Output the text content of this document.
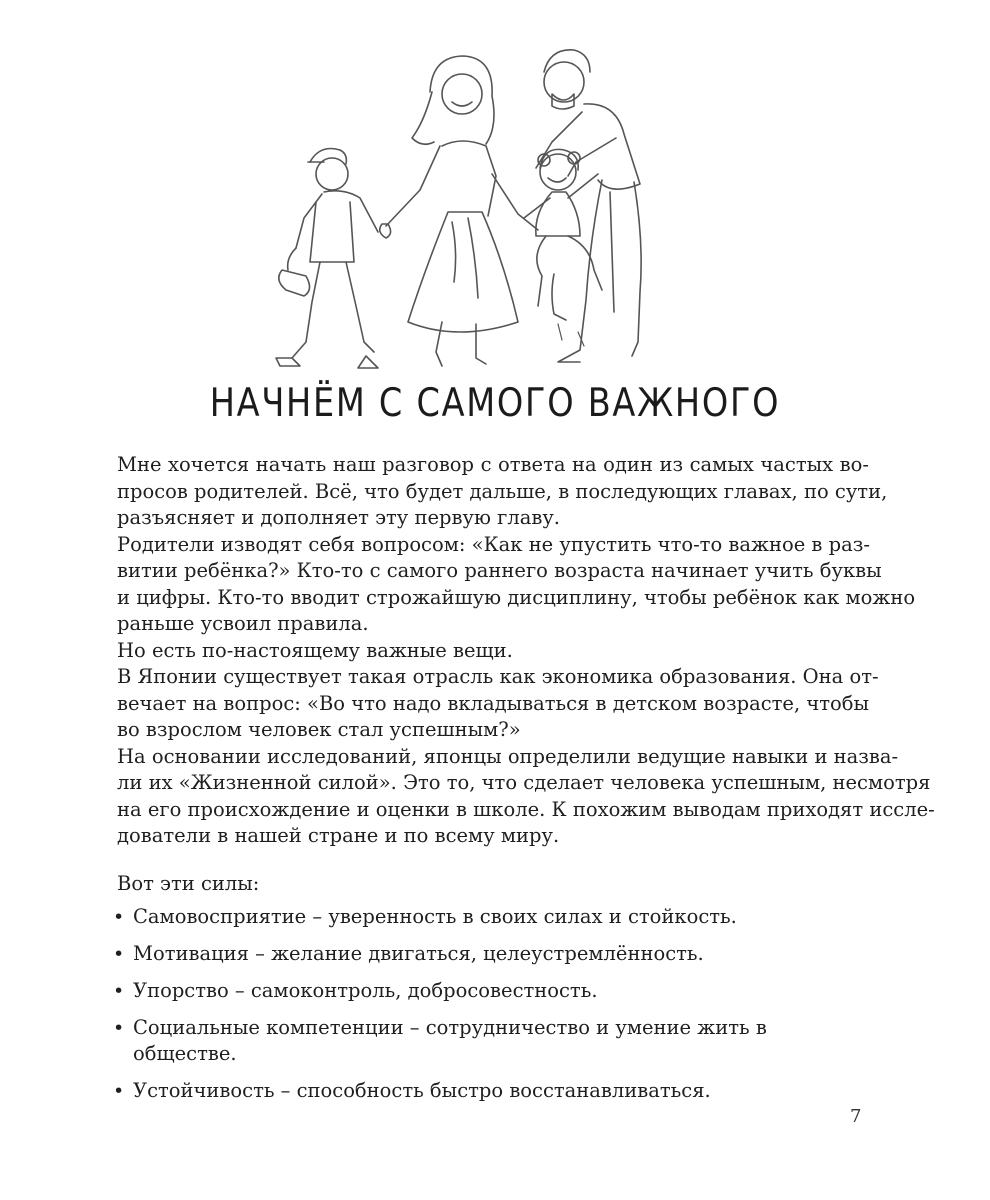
НАЧНЁМ С САМОГО ВАЖНОГО

Мне хочется начать наш разговор с ответа на один из самых частых во-
просов родителей. Всё, что будет дальше, в последующих главах, по сути,
разъясняет и дополняет эту первую главу.

Родители изводят себя вопросом: «Как не упустить что-то важное в раз-
витии ребёнка?» Кто-то с самого раннего возраста начинает учить буквы
и цифры. Кто-то вводит строжайшую дисциплину, чтобы ребёнок как можно
раньше усвоил правила.

Но есть по-настоящему важные вещи.

В Японии существует такая отрасль как экономика образования. Она от-
вечает на вопрос: «Во что надо вкладываться в детском возрасте, чтобы
во взрослом человек стал успешным?»

На основании исследований, японцы определили ведущие навыки и назва-
ли их «Жизненной силой». Это то, что сделает человека успешным, несмотря
на его происхождение и оценки в школе. К похожим выводам приходят иссле-
дователи в нашей стране и по всему миру.

Вот эти силы:

• Самовосприятие – уверенность в своих силах и стойкость.
• Мотивация – желание двигаться, целеустремлённость.
• Упорство – самоконтроль, добросовестность.
• Социальные компетенции – сотрудничество и умение жить в обществе.
• Устойчивость – способность быстро восстанавливаться.
7
